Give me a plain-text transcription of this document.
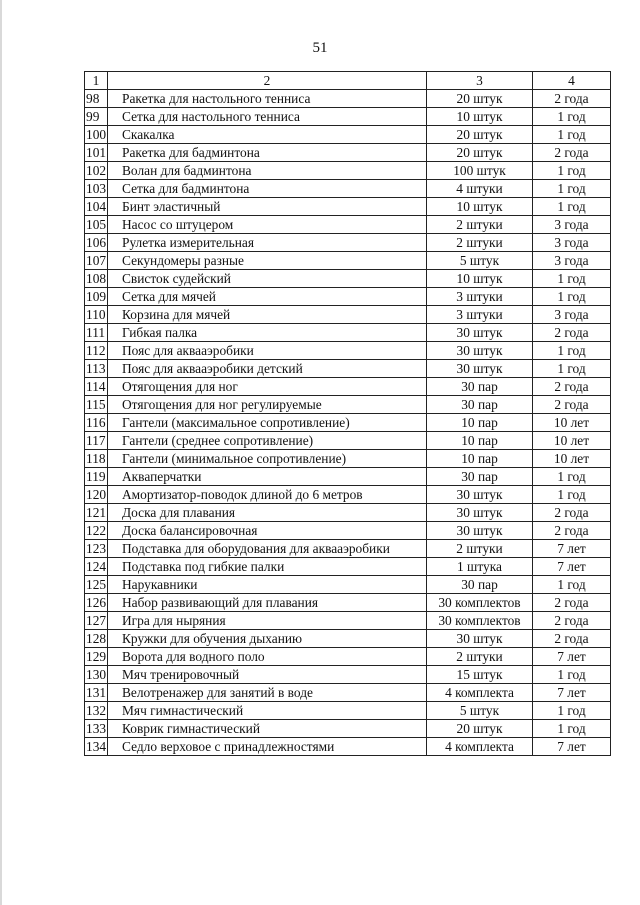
51
1	2	3	4
98	Ракетка для настольного тенниса	20 штук	2 года
99	Сетка для настольного тенниса	10 штук	1 год
100	Скакалка	20 штук	1 год
101	Ракетка для бадминтона	20 штук	2 года
102	Волан для бадминтона	100 штук	1 год
103	Сетка для бадминтона	4 штуки	1 год
104	Бинт эластичный	10 штук	1 год
105	Насос со штуцером	2 штуки	3 года
106	Рулетка измерительная	2 штуки	3 года
107	Секундомеры разные	5 штук	3 года
108	Свисток судейский	10 штук	1 год
109	Сетка для мячей	3 штуки	1 год
110	Корзина для мячей	3 штуки	3 года
111	Гибкая палка	30 штук	2 года
112	Пояс для аквааэробики	30 штук	1 год
113	Пояс для аквааэробики детский	30 штук	1 год
114	Отягощения для ног	30 пар	2 года
115	Отягощения для ног регулируемые	30 пар	2 года
116	Гантели (максимальное сопротивление)	10 пар	10 лет
117	Гантели (среднее сопротивление)	10 пар	10 лет
118	Гантели (минимальное сопротивление)	10 пар	10 лет
119	Акваперчатки	30 пар	1 год
120	Амортизатор-поводок длиной до 6 метров	30 штук	1 год
121	Доска для плавания	30 штук	2 года
122	Доска балансировочная	30 штук	2 года
123	Подставка для оборудования для аквааэробики	2 штуки	7 лет
124	Подставка под гибкие палки	1 штука	7 лет
125	Нарукавники	30 пар	1 год
126	Набор развивающий для плавания	30 комплектов	2 года
127	Игра для ныряния	30 комплектов	2 года
128	Кружки для обучения дыханию	30 штук	2 года
129	Ворота для водного поло	2 штуки	7 лет
130	Мяч тренировочный	15 штук	1 год
131	Велотренажер для занятий в воде	4 комплекта	7 лет
132	Мяч гимнастический	5 штук	1 год
133	Коврик гимнастический	20 штук	1 год
134	Седло верховое с принадлежностями	4 комплекта	7 лет
